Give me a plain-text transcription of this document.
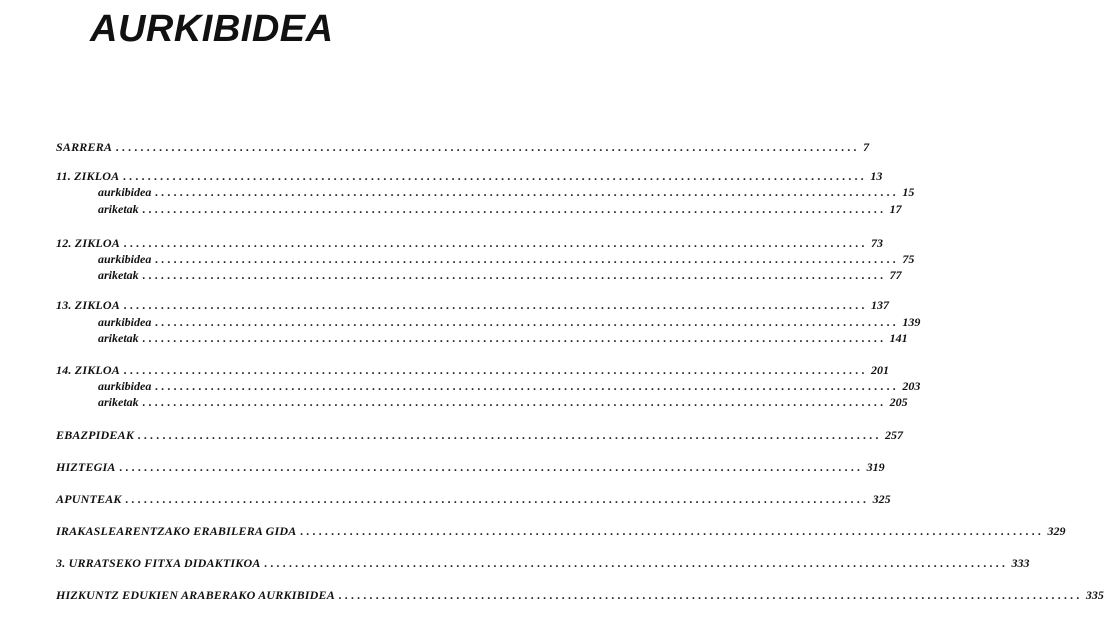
AURKIBIDEA
SARRERA ........................................................................................................................ 7
11. ZIKLOA ........................................................................................................................ 13
aurkibidea ........................................................................................................................ 15
ariketak ........................................................................................................................ 17
12. ZIKLOA ........................................................................................................................ 73
aurkibidea ........................................................................................................................ 75
ariketak ........................................................................................................................ 77
13. ZIKLOA ........................................................................................................................ 137
aurkibidea ........................................................................................................................ 139
ariketak ........................................................................................................................ 141
14. ZIKLOA ........................................................................................................................ 201
aurkibidea ........................................................................................................................ 203
ariketak ........................................................................................................................ 205
EBAZPIDEAK ........................................................................................................................ 257
HIZTEGIA ........................................................................................................................ 319
APUNTEAK ........................................................................................................................ 325
IRAKASLEARENTZAKO ERABILERA GIDA ........................................................................................................................ 329
3. URRATSEKO FITXA DIDAKTIKOA ........................................................................................................................ 333
HIZKUNTZ EDUKIEN ARABERAKO AURKIBIDEA ........................................................................................................................ 335
